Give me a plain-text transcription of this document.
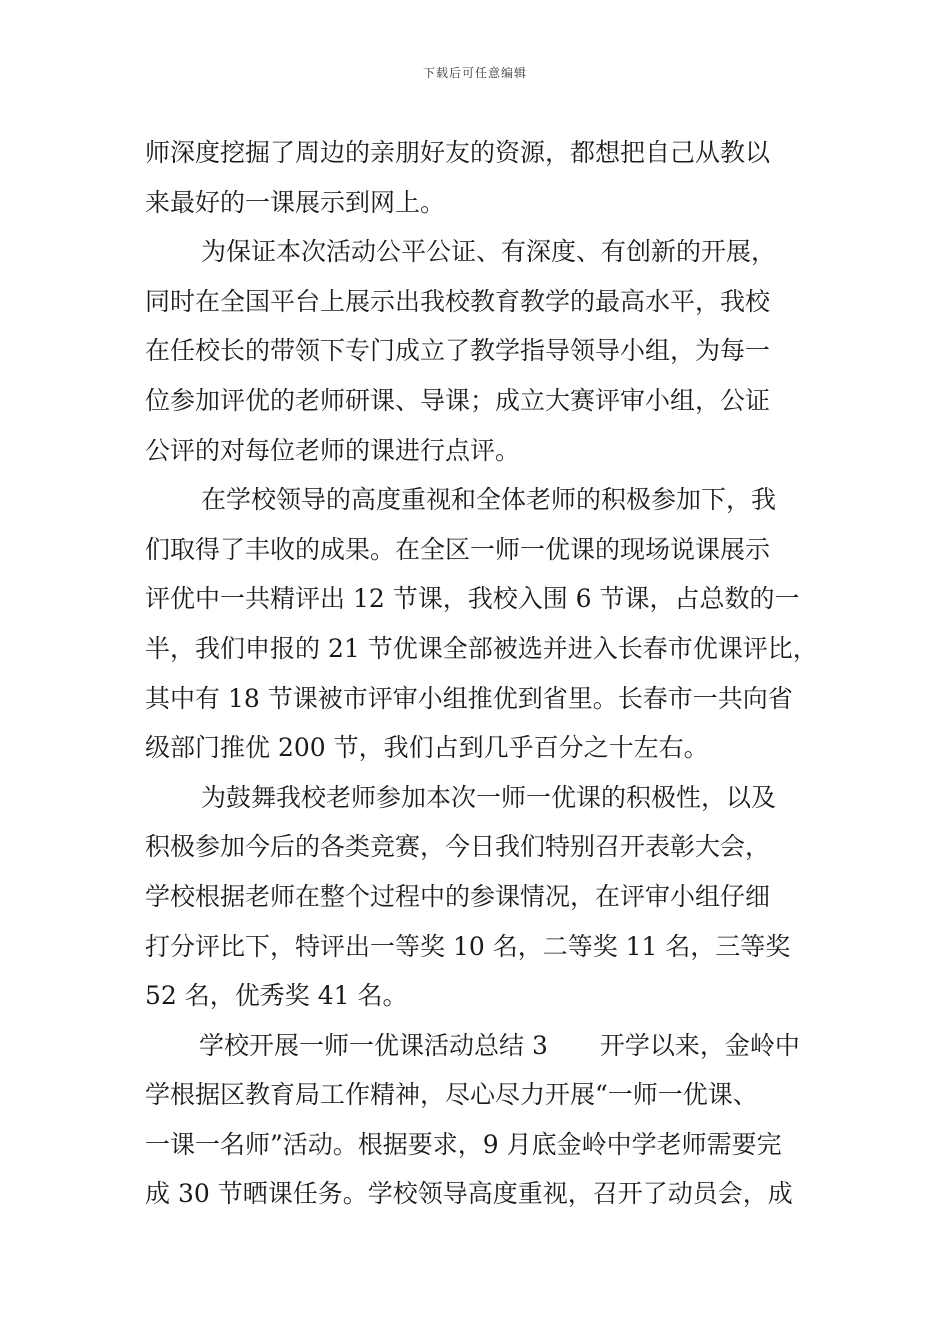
下载后可任意编辑
师深度挖掘了周边的亲朋好友的资源，都想把自己从教以
来最好的一课展示到网上。
为保证本次活动公平公证、有深度、有创新的开展，
同时在全国平台上展示出我校教育教学的最高水平，我校
在任校长的带领下专门成立了教学指导领导小组，为每一
位参加评优的老师研课、导课；成立大赛评审小组，公证
公评的对每位老师的课进行点评。
在学校领导的高度重视和全体老师的积极参加下，我
们取得了丰收的成果。在全区一师一优课的现场说课展示
评优中一共精评出 12 节课，我校入围 6 节课，占总数的一
半，我们申报的 21 节优课全部被选并进入长春市优课评比，
其中有 18 节课被市评审小组推优到省里。长春市一共向省
级部门推优 200 节，我们占到几乎百分之十左右。
为鼓舞我校老师参加本次一师一优课的积极性，以及
积极参加今后的各类竞赛，今日我们特别召开表彰大会，
学校根据老师在整个过程中的参课情况，在评审小组仔细
打分评比下，特评出一等奖 10 名，二等奖 11 名，三等奖
52 名，优秀奖 41 名。
学校开展一师一优课活动总结 3 开学以来，金岭中
学根据区教育局工作精神，尽心尽力开展“一师一优课、
一课一名师”活动。根据要求，9 月底金岭中学老师需要完
成 30 节晒课任务。学校领导高度重视，召开了动员会，成
